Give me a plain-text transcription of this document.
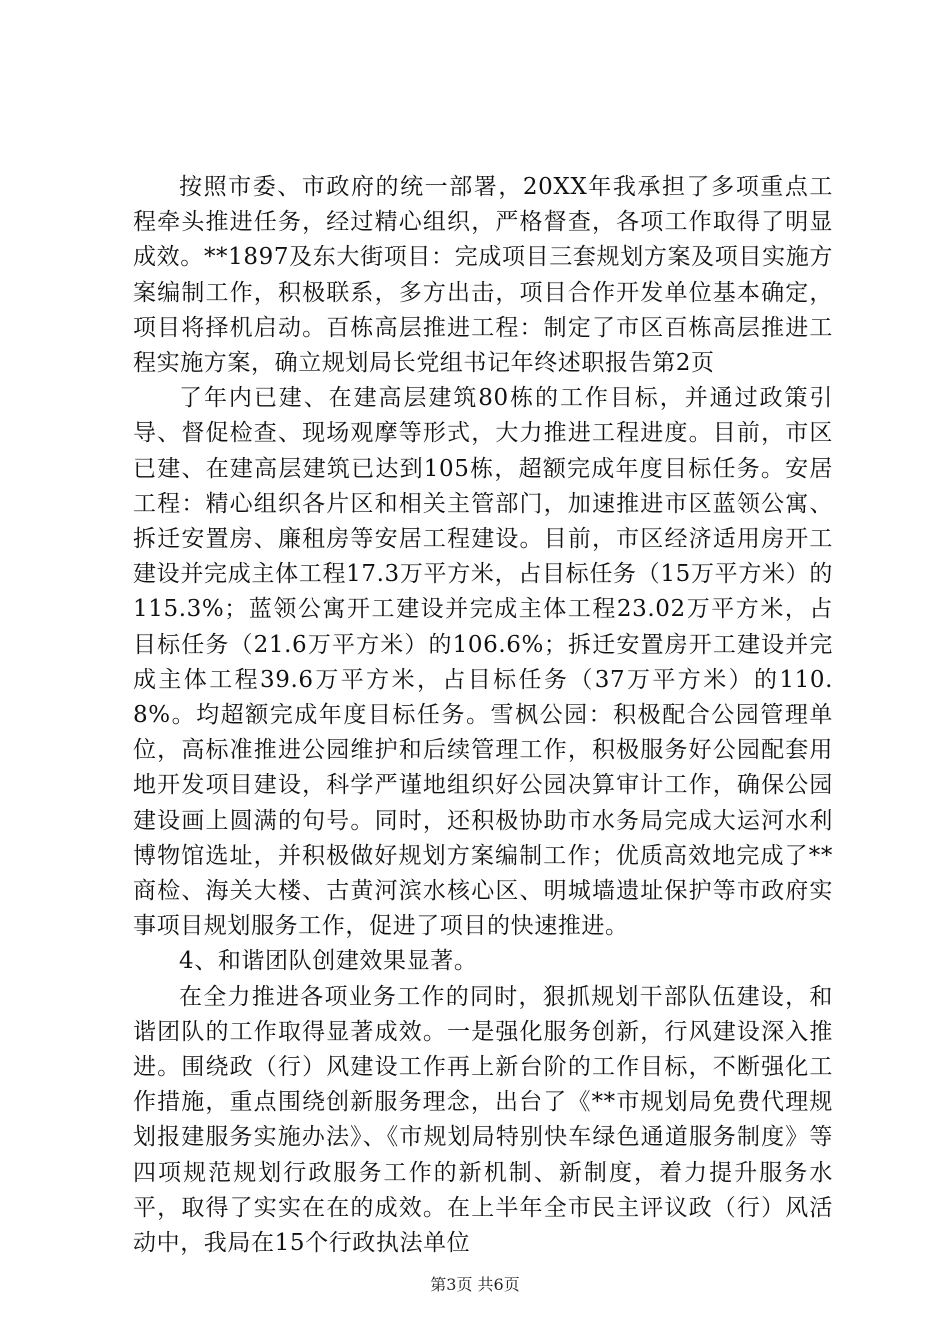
按照市委、市政府的统一部署，20XX年我承担了多项重点工程牵头推进任务，经过精心组织，严格督查，各项工作取得了明显成效。**1897及东大街项目：完成项目三套规划方案及项目实施方案编制工作，积极联系，多方出击，项目合作开发单位基本确定，项目将择机启动。百栋高层推进工程：制定了市区百栋高层推进工程实施方案，确立规划局长党组书记年终述职报告第2页

了年内已建、在建高层建筑80栋的工作目标，并通过政策引导、督促检查、现场观摩等形式，大力推进工程进度。目前，市区已建、在建高层建筑已达到105栋，超额完成年度目标任务。安居工程：精心组织各片区和相关主管部门，加速推进市区蓝领公寓、拆迁安置房、廉租房等安居工程建设。目前，市区经济适用房开工建设并完成主体工程17.3万平方米，占目标任务（15万平方米）的115.3%；蓝领公寓开工建设并完成主体工程23.02万平方米，占目标任务（21.6万平方米）的106.6%；拆迁安置房开工建设并完成主体工程39.6万平方米，占目标任务（37万平方米）的110.8%。均超额完成年度目标任务。雪枫公园：积极配合公园管理单位，高标准推进公园维护和后续管理工作，积极服务好公园配套用地开发项目建设，科学严谨地组织好公园决算审计工作，确保公园建设画上圆满的句号。同时，还积极协助市水务局完成大运河水利博物馆选址，并积极做好规划方案编制工作；优质高效地完成了**商检、海关大楼、古黄河滨水核心区、明城墙遗址保护等市政府实事项目规划服务工作，促进了项目的快速推进。

4、和谐团队创建效果显著。

在全力推进各项业务工作的同时，狠抓规划干部队伍建设，和谐团队的工作取得显著成效。一是强化服务创新，行风建设深入推进。围绕政（行）风建设工作再上新台阶的工作目标，不断强化工作措施，重点围绕创新服务理念，出台了《**市规划局免费代理规划报建服务实施办法》、《市规划局特别快车绿色通道服务制度》等四项规范规划行政服务工作的新机制、新制度，着力提升服务水平，取得了实实在在的成效。在上半年全市民主评议政（行）风活动中，我局在15个行政执法单位

第3页 共6页
